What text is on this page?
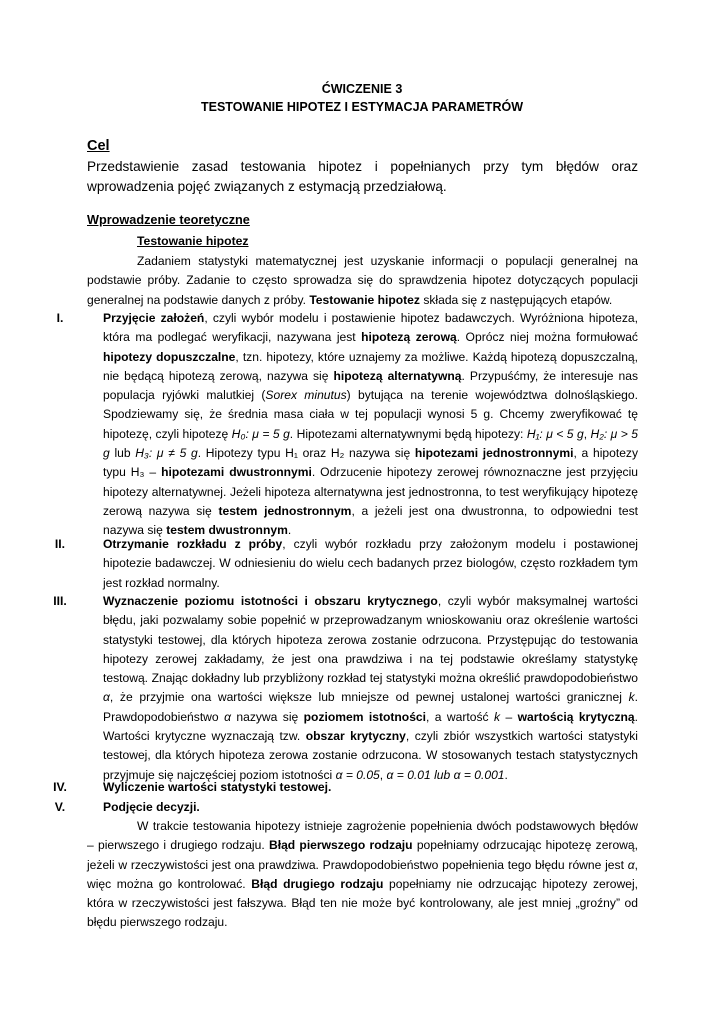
ĆWICZENIE 3
TESTOWANIE HIPOTEZ I ESTYMACJA PARAMETRÓW
Cel
Przedstawienie zasad testowania hipotez i popełnianych przy tym błędów oraz wprowadzenia pojęć związanych z estymacją przedziałową.
Wprowadzenie teoretyczne
Testowanie hipotez
Zadaniem statystyki matematycznej jest uzyskanie informacji o populacji generalnej na podstawie próby. Zadanie to często sprowadza się do sprawdzenia hipotez dotyczących populacji generalnej na podstawie danych z próby. Testowanie hipotez składa się z następujących etapów.
I.	Przyjęcie założeń, czyli wybór modelu i postawienie hipotez badawczych. Wyróżniona hipoteza, która ma podlegać weryfikacji, nazywana jest hipotezą zerową. Oprócz niej można formułować hipotezy dopuszczalne, tzn. hipotezy, które uznajemy za możliwe. Każdą hipotezą dopuszczalną, nie będącą hipotezą zerową, nazywa się hipotezą alternatywną. Przypuśćmy, że interesuje nas populacja ryjówki malutkiej (Sorex minutus) bytująca na terenie województwa dolnośląskiego. Spodziewamy się, że średnia masa ciała w tej populacji wynosi 5 g. Chcemy zweryfikować tę hipotezę, czyli hipotezę H₀: μ = 5 g. Hipotezami alternatywnymi będą hipotezy: H₁: μ < 5 g, H₂: μ > 5 g lub H₃: μ ≠ 5 g. Hipotezy typu H₁ oraz H₂ nazywa się hipotezami jednostronnymi, a hipotezy typu H₃ – hipotezami dwustronnymi. Odrzucenie hipotezy zerowej równoznaczne jest przyjęciu hipotezy alternatywnej. Jeżeli hipoteza alternatywna jest jednostronna, to test weryfikujący hipotezę zerową nazywa się testem jednostronnym, a jeżeli jest ona dwustronna, to odpowiedni test nazywa się testem dwustronnym.
II.	Otrzymanie rozkładu z próby, czyli wybór rozkładu przy założonym modelu i postawionej hipotezie badawczej. W odniesieniu do wielu cech badanych przez biologów, często rozkładem tym jest rozkład normalny.
III.	Wyznaczenie poziomu istotności i obszaru krytycznego, czyli wybór maksymalnej wartości błędu, jaki pozwalamy sobie popełnić w przeprowadzanym wnioskowaniu oraz określenie wartości statystyki testowej, dla których hipoteza zerowa zostanie odrzucona. Przystępując do testowania hipotezy zerowej zakładamy, że jest ona prawdziwa i na tej podstawie określamy statystykę testową. Znając dokładny lub przybliżony rozkład tej statystyki można określić prawdopodobieństwo α, że przyjmie ona wartości większe lub mniejsze od pewnej ustalonej wartości granicznej k. Prawdopodobieństwo α nazywa się poziomem istotności, a wartość k – wartością krytyczną. Wartości krytyczne wyznaczają tzw. obszar krytyczny, czyli zbiór wszystkich wartości statystyki testowej, dla których hipoteza zerowa zostanie odrzucona. W stosowanych testach statystycznych przyjmuje się najczęściej poziom istotności α = 0.05, α = 0.01 lub α = 0.001.
IV.	Wyliczenie wartości statystyki testowej.
V.	Podjęcie decyzji.
W trakcie testowania hipotezy istnieje zagrożenie popełnienia dwóch podstawowych błędów – pierwszego i drugiego rodzaju. Błąd pierwszego rodzaju popełniamy odrzucając hipotezę zerową, jeżeli w rzeczywistości jest ona prawdziwa. Prawdopodobieństwo popełnienia tego błędu równe jest α, więc można go kontrolować. Błąd drugiego rodzaju popełniamy nie odrzucając hipotezy zerowej, która w rzeczywistości jest fałszywa. Błąd ten nie może być kontrolowany, ale jest mniej „groźny” od błędu pierwszego rodzaju.
